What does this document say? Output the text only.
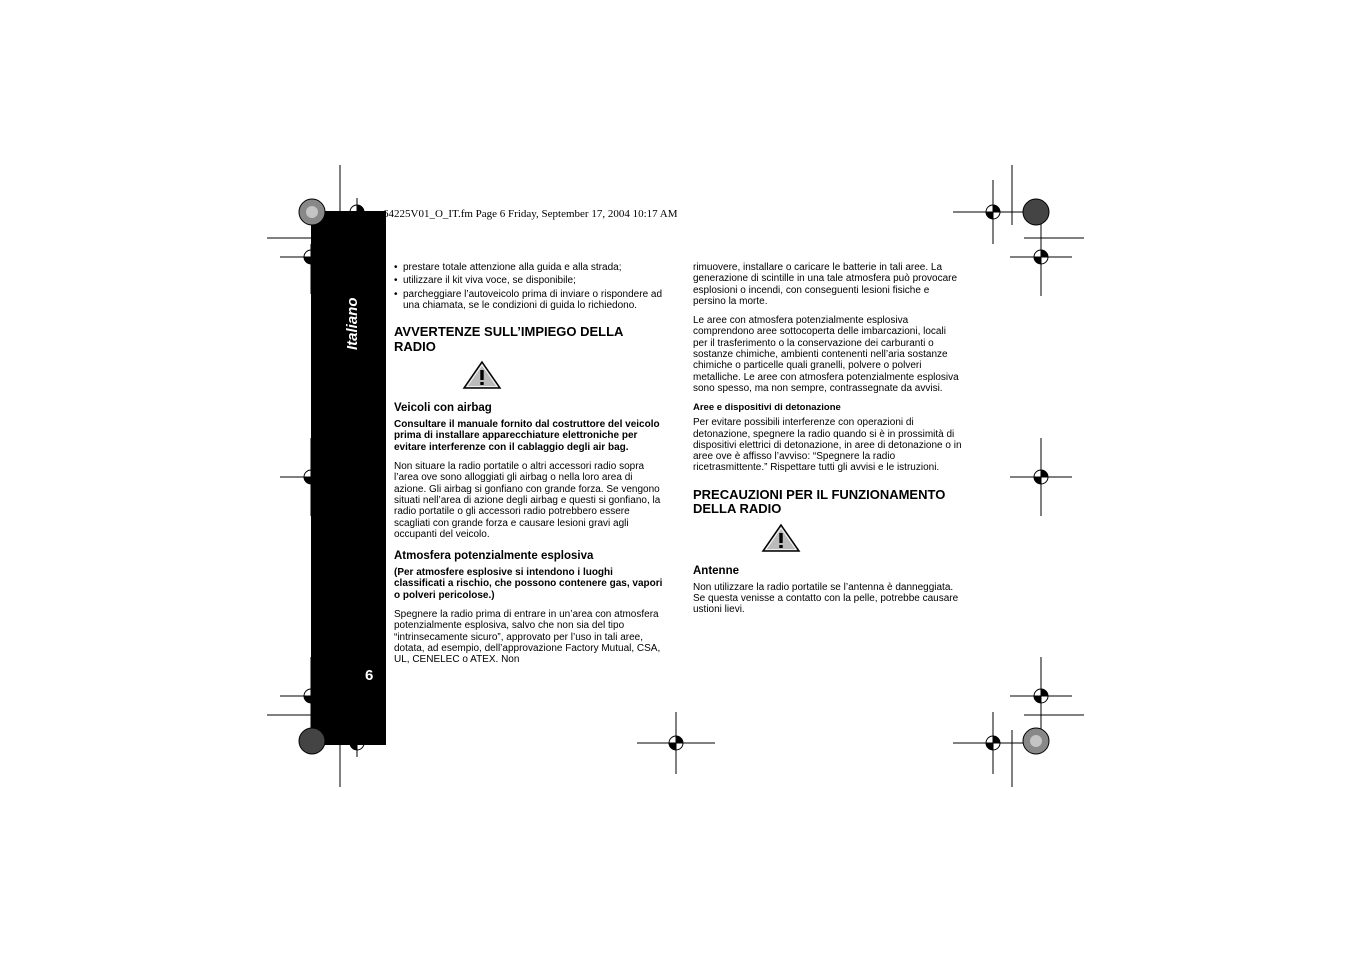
Italiano
6
64225V01_O_IT.fm Page 6 Friday, September 17, 2004 10:17 AM
• prestare totale attenzione alla guida e alla strada;
• utilizzare il kit viva voce, se disponibile;
• parcheggiare l’autoveicolo prima di inviare o rispondere ad una chiamata, se le condizioni di guida lo richiedono.
AVVERTENZE SULL’IMPIEGO DELLA RADIO
Veicoli con airbag

Consultare il manuale fornito dal costruttore del veicolo prima di installare apparecchiature elettroniche per evitare interferenze con il cablaggio degli air bag.

Non situare la radio portatile o altri accessori radio sopra l’area ove sono alloggiati gli airbag o nella loro area di azione. Gli airbag si gonfiano con grande forza. Se vengono situati nell’area di azione degli airbag e questi si gonfiano, la radio portatile o gli accessori radio potrebbero essere scagliati con grande forza e causare lesioni gravi agli occupanti del veicolo.

Atmosfera potenzialmente esplosiva

(Per atmosfere esplosive si intendono i luoghi classificati a rischio, che possono contenere gas, vapori o polveri pericolose.)

Spegnere la radio prima di entrare in un’area con atmosfera potenzialmente esplosiva, salvo che non sia del tipo “intrinsecamente sicuro”, approvato per l’uso in tali aree, dotata, ad esempio, dell’approvazione Factory Mutual, CSA, UL, CENELEC o ATEX. Non

rimuovere, installare o caricare le batterie in tali aree. La generazione di scintille in una tale atmosfera può provocare esplosioni o incendi, con conseguenti lesioni fisiche e persino la morte.

Le aree con atmosfera potenzialmente esplosiva comprendono aree sottocoperta delle imbarcazioni, locali per il trasferimento o la conservazione dei carburanti o sostanze chimiche, ambienti contenenti nell’aria sostanze chimiche o particelle quali granelli, polvere o polveri metalliche. Le aree con atmosfera potenzialmente esplosiva sono spesso, ma non sempre, contrassegnate da avvisi.

Aree e dispositivi di detonazione

Per evitare possibili interferenze con operazioni di detonazione, spegnere la radio quando si è in prossimità di dispositivi elettrici di detonazione, in aree di detonazione o in aree ove è affisso l’avviso: “Spegnere la radio ricetrasmittente.” Rispettare tutti gli avvisi e le istruzioni.

PRECAUZIONI PER IL FUNZIONAMENTO DELLA RADIO
Antenne

Non utilizzare la radio portatile se l’antenna è danneggiata. Se questa venisse a contatto con la pelle, potrebbe causare ustioni lievi.
